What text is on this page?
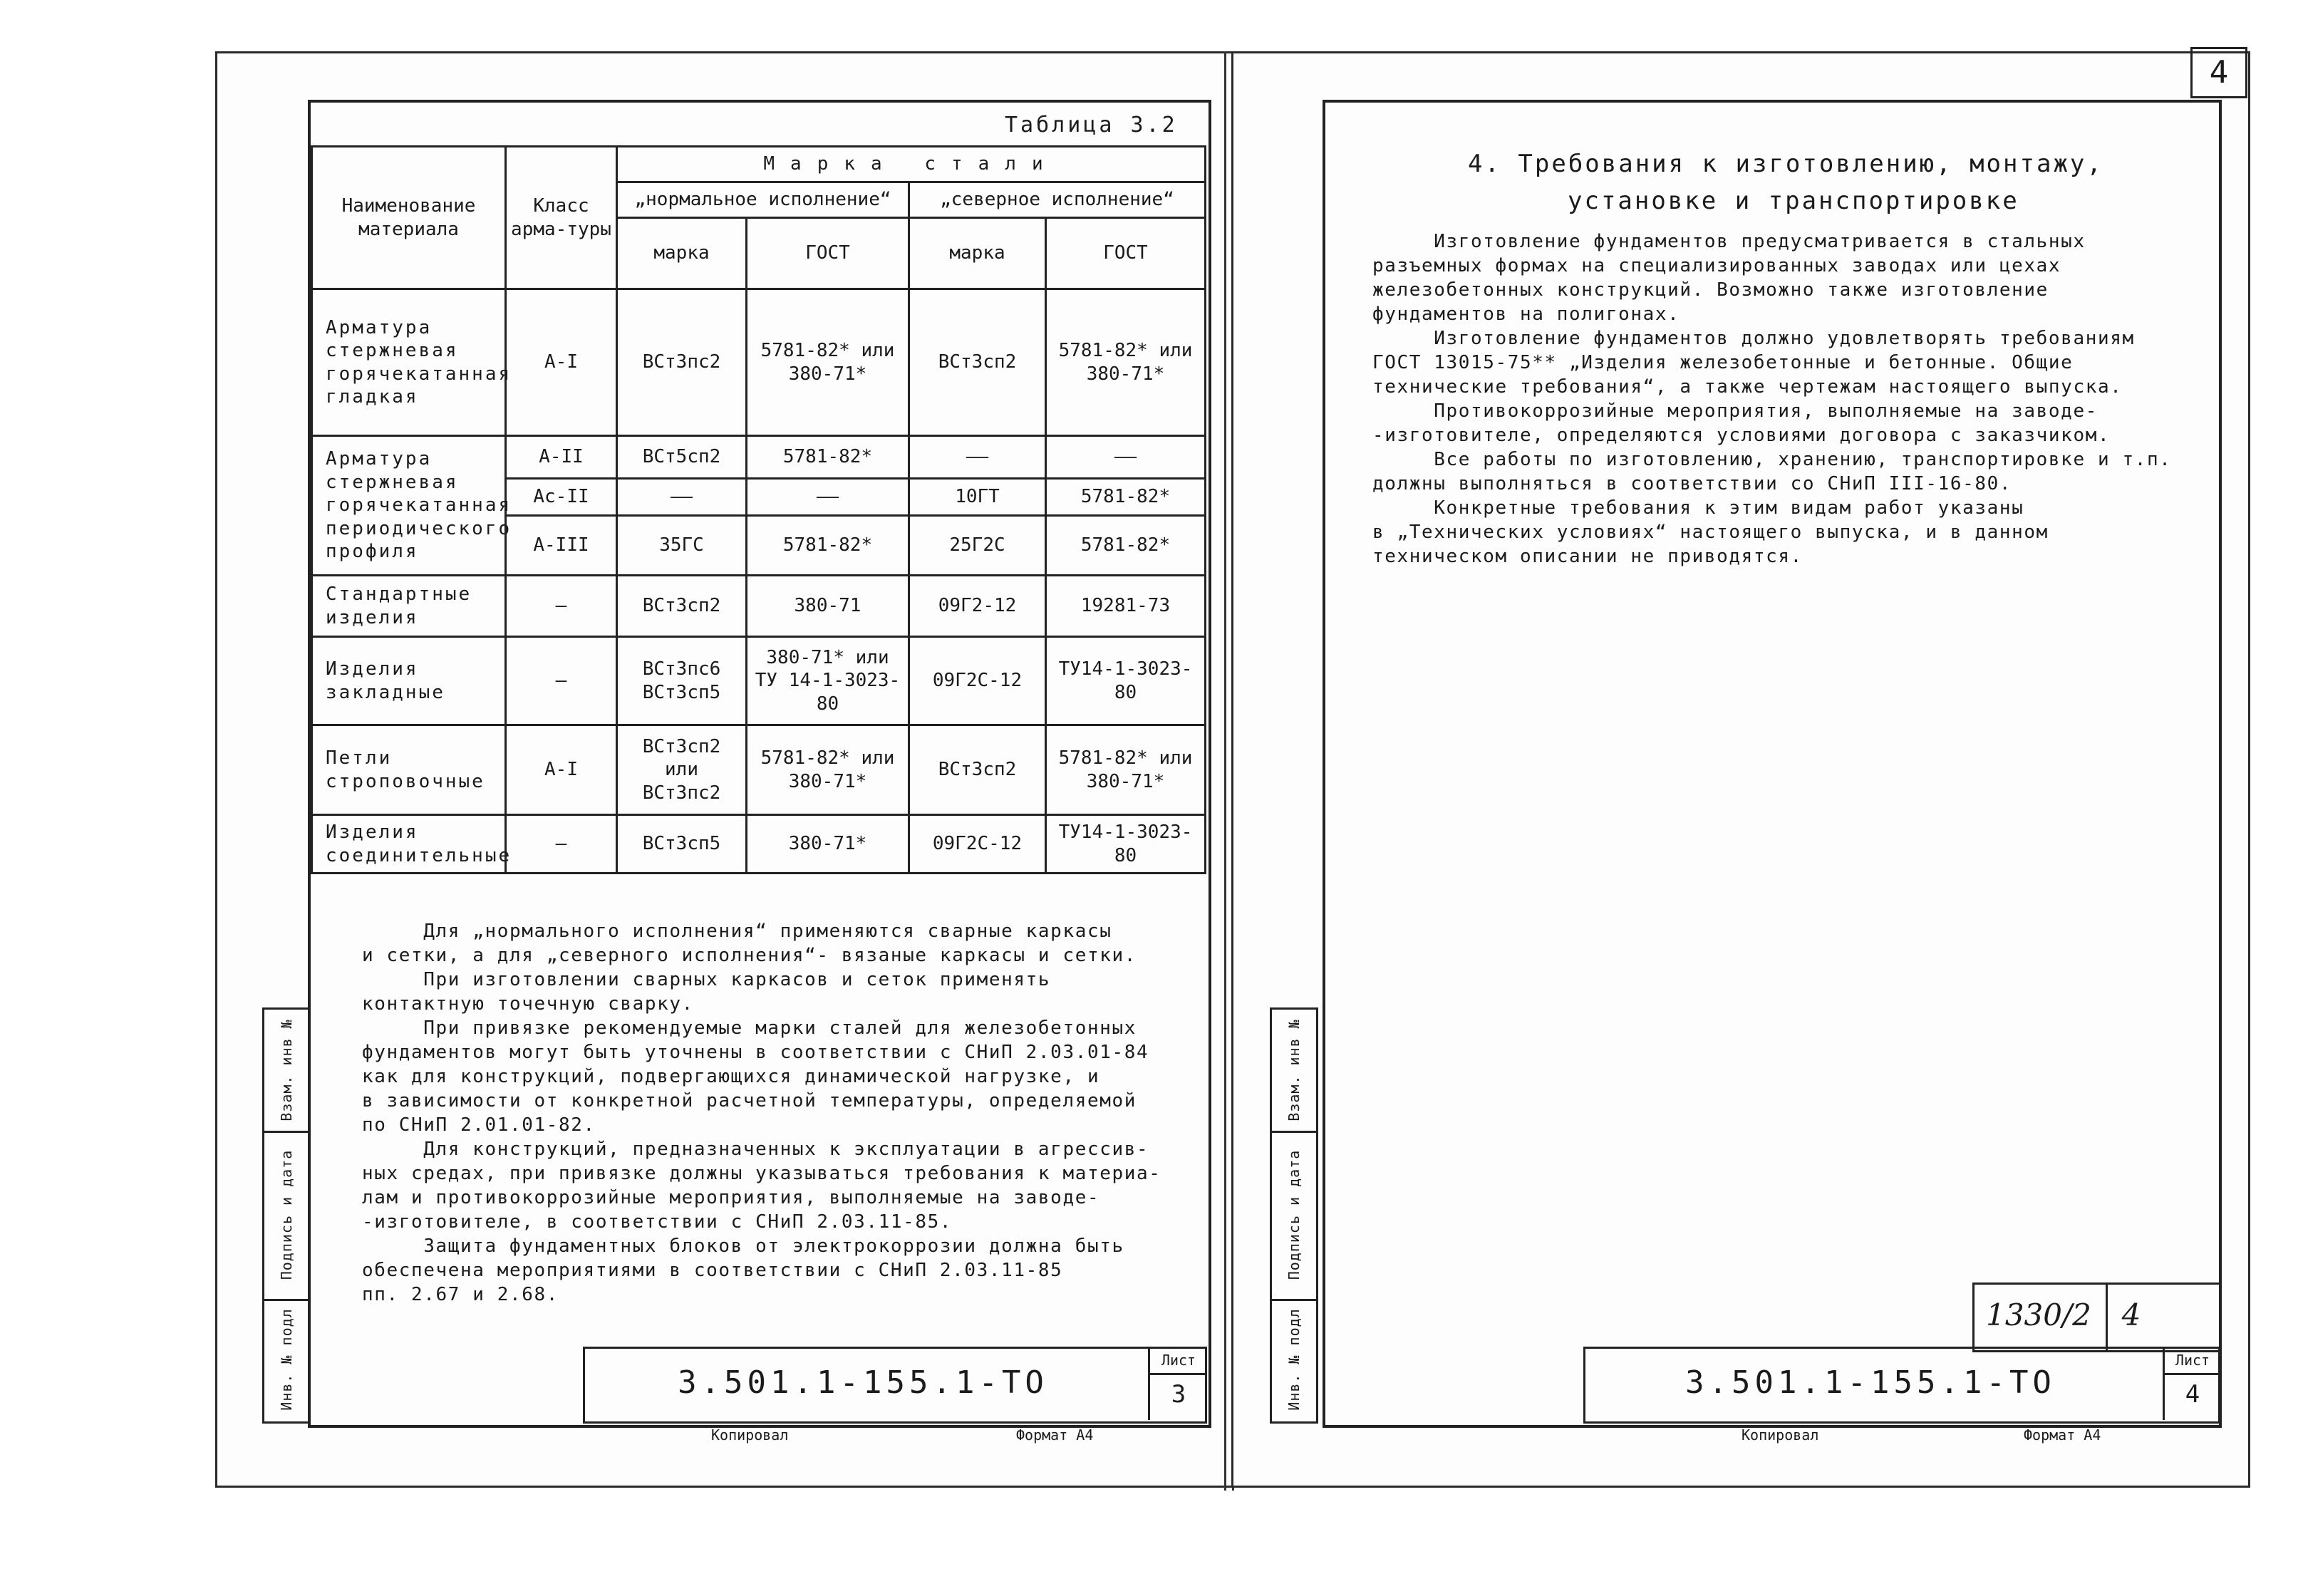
Таблица 3.2
Наименование материала	Класс арма-туры	Марка стали			
		„нормальное исполнение“		„северное исполнение“	
		марка	ГОСТ	марка	ГОСТ
Арматура стержневая горячекатанная гладкая	А-I	ВСт3пс2	5781-82* или 380-71*	ВСт3сп2	5781-82* или 380-71*
Арматура стержневая горячекатанная периодического профиля	А-II	ВСт5сп2	5781-82*	——	——
	Ас-II	——	——	10ГТ	5781-82*
	А-III	35ГС	5781-82*	25Г2С	5781-82*
Стандартные изделия	—	ВСт3сп2	380-71	09Г2-12	19281-73
Изделия закладные	—	ВСт3пс6 ВСт3сп5	380-71* или ТУ 14-1-3023-80	09Г2С-12	ТУ14-1-3023-80
Петли строповочные	А-I	ВСт3сп2 или ВСт3пс2	5781-82* или 380-71*	ВСт3сп2	5781-82* или 380-71*
Изделия соединительные	—	ВСт3сп5	380-71*	09Г2С-12	ТУ14-1-3023-80
Для „нормального исполнения“ применяются сварные каркасы
и сетки, а для „северного исполнения“- вязаные каркасы и сетки.
При изготовлении сварных каркасов и сеток применять
контактную точечную сварку.
При привязке рекомендуемые марки сталей для железобетонных
фундаментов могут быть уточнены в соответствии с СНиП 2.03.01-84
как для конструкций, подвергающихся динамической нагрузке, и
в зависимости от конкретной расчетной температуры, определяемой
по СНиП 2.01.01-82.
Для конструкций, предназначенных к эксплуатации в агрессив-
ных средах, при привязке должны указываться требования к материа-
лам и противокоррозийные мероприятия, выполняемые на заводе-
-изготовителе, в соответствии с СНиП 2.03.11-85.
Защита фундаментных блоков от электрокоррозии должна быть
обеспечена мероприятиями в соответствии с СНиП 2.03.11-85
пп. 2.67 и 2.68.
Взам. инв №
Подпись и дата
Инв. № подл	3.501.1-155.1-ТО
Лист
3
Копировал	Формат А4
4
4. Требования к изготовлению, монтажу,
установке и транспортировке
Изготовление фундаментов предусматривается в стальных
разъемных формах на специализированных заводах или цехах
железобетонных конструкций. Возможно также изготовление
фундаментов на полигонах.
Изготовление фундаментов должно удовлетворять требованиям
ГОСТ 13015-75** „Изделия железобетонные и бетонные. Общие
технические требования“, а также чертежам настоящего выпуска.
Противокоррозийные мероприятия, выполняемые на заводе-
-изготовителе, определяются условиями договора с заказчиком.
Все работы по изготовлению, хранению, транспортировке и т.п.
должны выполняться в соответствии со СНиП III-16-80.
Конкретные требования к этим видам работ указаны
в „Технических условиях“ настоящего выпуска, и в данном
техническом описании не приводятся.
Взам. инв №
Подпись и дата
Инв. № подл	1330/2	4
3.501.1-155.1-ТО
Лист
4
Копировал	Формат А4
